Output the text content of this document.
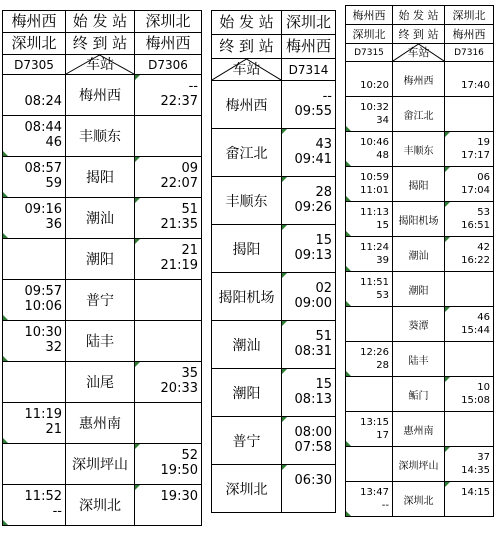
梅州西	始 发 站	深圳北
深圳北	终 到 站	梅州西
D7305	车站	D7306

08:24	梅州西	--
22:37

08:44
46	丰顺东	

08:57
59	揭阳	09
22:07

09:16
36	潮汕	51
21:35

	潮阳	21
21:19

09:57
10:06	普宁	

10:30
32	陆丰	

	汕尾	35
20:33

11:19
21	惠州南	

	深圳坪山	52
19:50

11:52
--	深圳北	19:30

始 发 站	深圳北
终 到 站	梅州西

车站	D7314
梅州西	--
09:55

畲江北	43
09:41

丰顺东	28
09:26

揭阳	15
09:13

揭阳机场	02
09:00

潮汕	51
08:31

潮阳	15
08:13

普宁	08:00
07:58

深圳北	06:30

梅州西	始 发 站	深圳北
深圳北	终 到 站	梅州西
D7315	车站	D7316

10:20	梅州西	17:40

10:32
34	畲江北	

10:46
48	丰顺东	19
17:17

10:59
11:01	揭阳	06
17:04

11:13
15	揭阳机场	53
16:51

11:24
39	潮汕	42
16:22

11:51
53	潮阳	

	葵潭	46
15:44

12:26
28	陆丰	

	鲘门	10
15:08

13:15
17	惠州南	

	深圳坪山	37
14:35

13:47
--	深圳北	14:15
